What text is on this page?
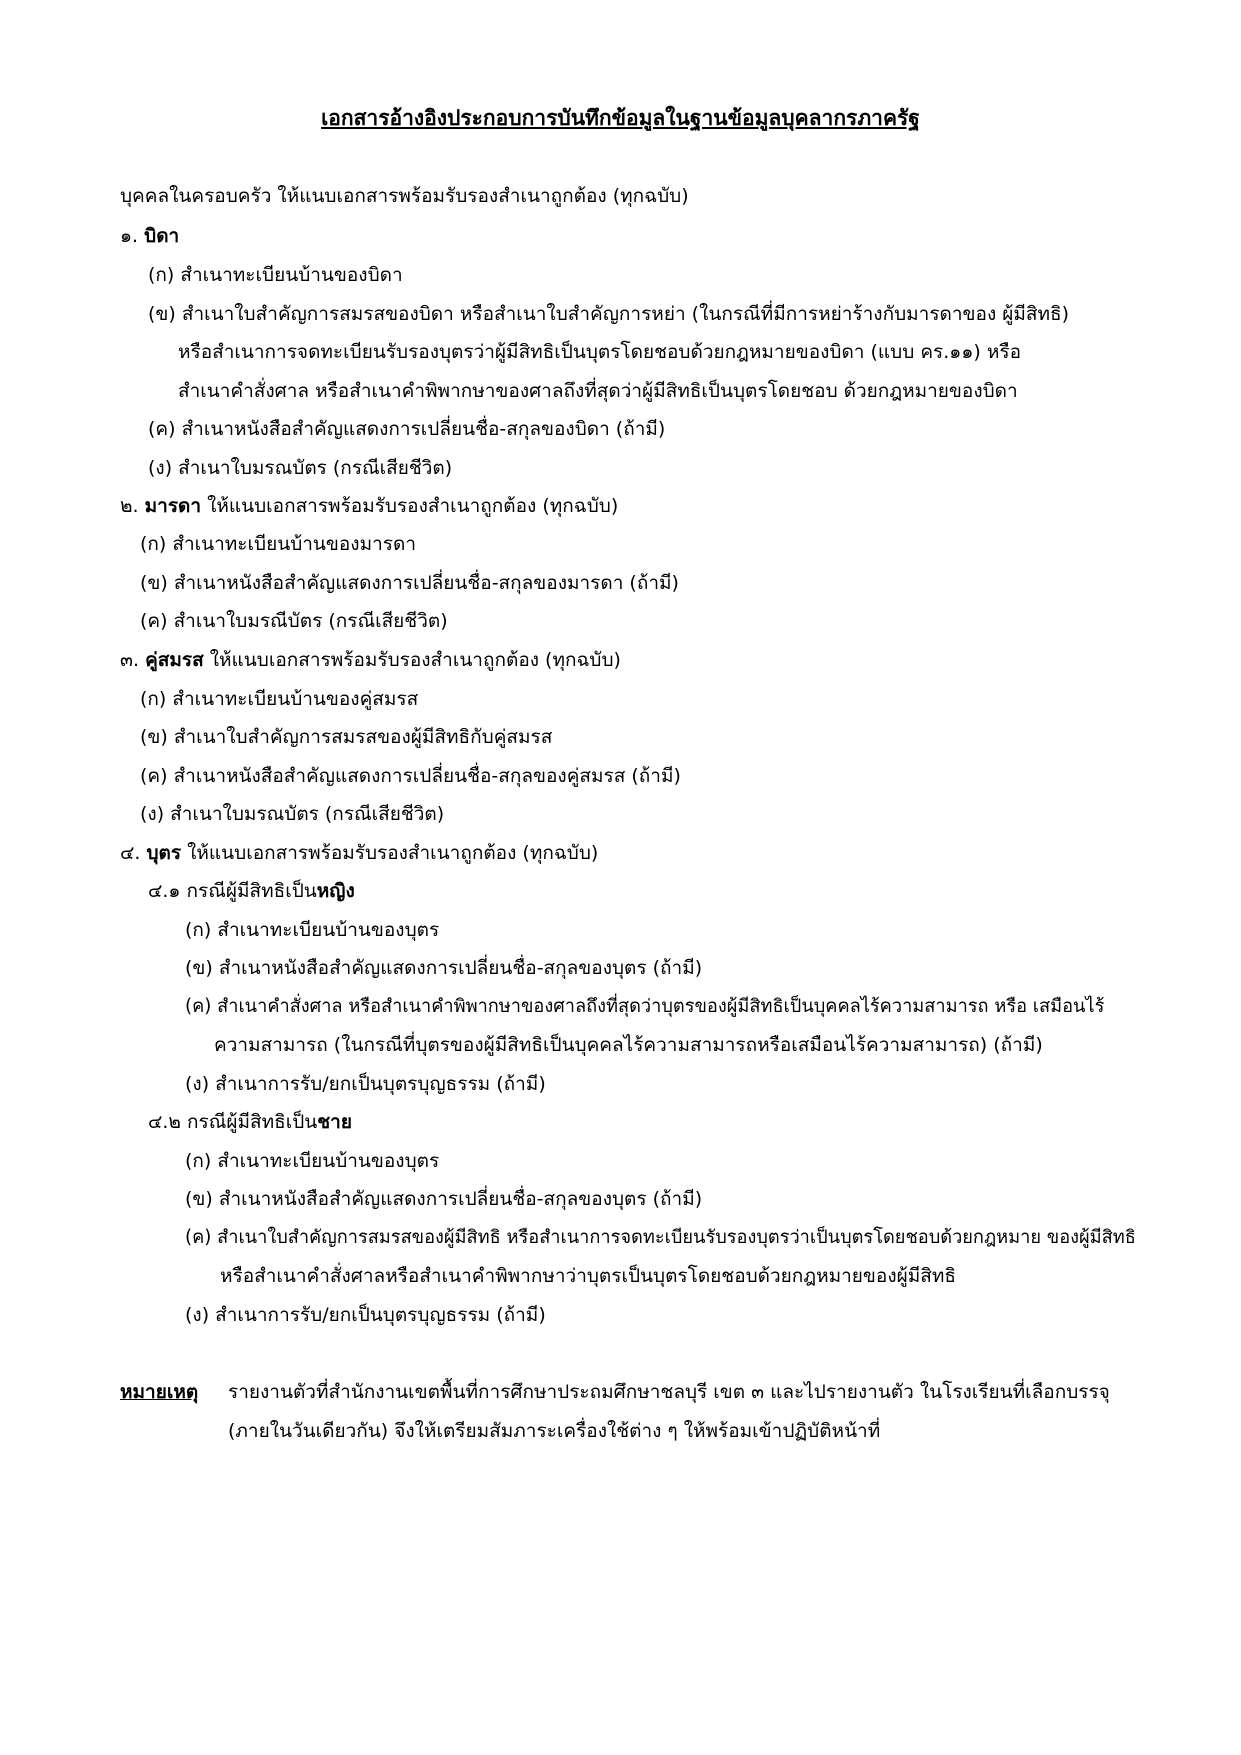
เอกสารอ้างอิงประกอบการบันทึกข้อมูลในฐานข้อมูลบุคลากรภาครัฐ
บุคคลในครอบครัว ให้แนบเอกสารพร้อมรับรองสำเนาถูกต้อง (ทุกฉบับ)
๑. บิดา
(ก) สำเนาทะเบียนบ้านของบิดา
(ข) สำเนาใบสำคัญการสมรสของบิดา หรือสำเนาใบสำคัญการหย่า (ในกรณีที่มีการหย่าร้างกับมารดาของ ผู้มีสิทธิ)
หรือสำเนาการจดทะเบียนรับรองบุตรว่าผู้มีสิทธิเป็นบุตรโดยชอบด้วยกฎหมายของบิดา (แบบ คร.๑๑) หรือ
สำเนาคำสั่งศาล หรือสำเนาคำพิพากษาของศาลถึงที่สุดว่าผู้มีสิทธิเป็นบุตรโดยชอบ ด้วยกฎหมายของบิดา
(ค) สำเนาหนังสือสำคัญแสดงการเปลี่ยนชื่อ-สกุลของบิดา (ถ้ามี)
(ง) สำเนาใบมรณบัตร (กรณีเสียชีวิต)
๒. มารดา ให้แนบเอกสารพร้อมรับรองสำเนาถูกต้อง (ทุกฉบับ)
(ก) สำเนาทะเบียนบ้านของมารดา
(ข) สำเนาหนังสือสำคัญแสดงการเปลี่ยนชื่อ-สกุลของมารดา (ถ้ามี)
(ค) สำเนาใบมรณีบัตร (กรณีเสียชีวิต)
๓. คู่สมรส ให้แนบเอกสารพร้อมรับรองสำเนาถูกต้อง (ทุกฉบับ)
(ก) สำเนาทะเบียนบ้านของคู่สมรส
(ข) สำเนาใบสำคัญการสมรสของผู้มีสิทธิกับคู่สมรส
(ค) สำเนาหนังสือสำคัญแสดงการเปลี่ยนชื่อ-สกุลของคู่สมรส (ถ้ามี)
(ง) สำเนาใบมรณบัตร (กรณีเสียชีวิต)
๔. บุตร ให้แนบเอกสารพร้อมรับรองสำเนาถูกต้อง (ทุกฉบับ)
๔.๑ กรณีผู้มีสิทธิเป็นหญิง
(ก) สำเนาทะเบียนบ้านของบุตร
(ข) สำเนาหนังสือสำคัญแสดงการเปลี่ยนชื่อ-สกุลของบุตร (ถ้ามี)
(ค) สำเนาคำสั่งศาล หรือสำเนาคำพิพากษาของศาลถึงที่สุดว่าบุตรของผู้มีสิทธิเป็นบุคคลไร้ความสามารถ หรือ เสมือนไร้
ความสามารถ (ในกรณีที่บุตรของผู้มีสิทธิเป็นบุคคลไร้ความสามารถหรือเสมือนไร้ความสามารถ) (ถ้ามี)
(ง) สำเนาการรับ/ยกเป็นบุตรบุญธรรม (ถ้ามี)
๔.๒ กรณีผู้มีสิทธิเป็นชาย
(ก) สำเนาทะเบียนบ้านของบุตร
(ข) สำเนาหนังสือสำคัญแสดงการเปลี่ยนชื่อ-สกุลของบุตร (ถ้ามี)
(ค) สำเนาใบสำคัญการสมรสของผู้มีสิทธิ หรือสำเนาการจดทะเบียนรับรองบุตรว่าเป็นบุตรโดยชอบด้วยกฎหมาย ของผู้มีสิทธิ
หรือสำเนาคำสั่งศาลหรือสำเนาคำพิพากษาว่าบุตรเป็นบุตรโดยชอบด้วยกฎหมายของผู้มีสิทธิ
(ง) สำเนาการรับ/ยกเป็นบุตรบุญธรรม (ถ้ามี)
หมายเหตุ รายงานตัวที่สำนักงานเขตพื้นที่การศึกษาประถมศึกษาชลบุรี เขต ๓ และไปรายงานตัว ในโรงเรียนที่เลือกบรรจุ
(ภายในวันเดียวกัน) จึงให้เตรียมสัมภาระเครื่องใช้ต่าง ๆ ให้พร้อมเข้าปฏิบัติหน้าที่
